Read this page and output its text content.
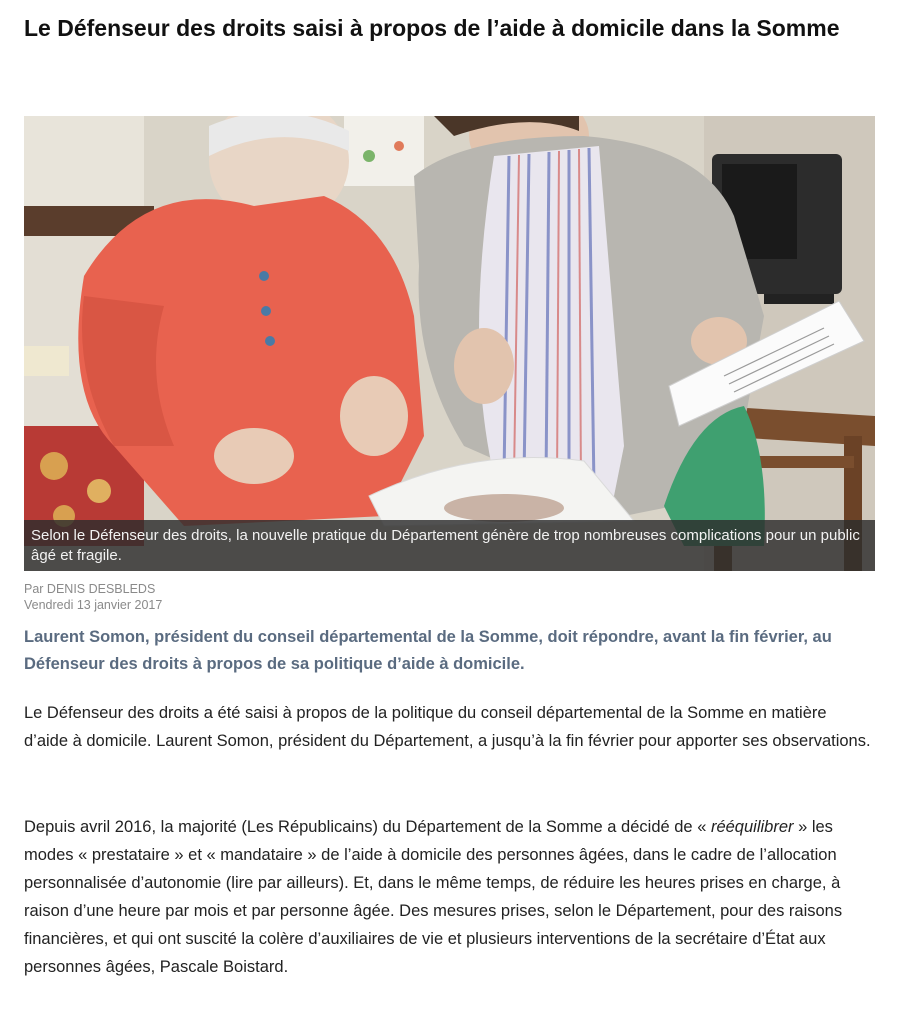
Le Défenseur des droits saisi à propos de l’aide à domicile dans la Somme
Selon le Défenseur des droits, la nouvelle pratique du Département génère de trop nombreuses complications pour un public âgé et fragile.
Par DENIS DESBLEDS
Vendredi 13 janvier 2017

Laurent Somon, président du conseil départemental de la Somme, doit répondre, avant la fin février, au Défenseur des droits à propos de sa politique d’aide à domicile.

Le Défenseur des droits a été saisi à propos de la politique du conseil départemental de la Somme en matière d’aide à domicile. Laurent Somon, président du Département, a jusqu’à la fin février pour apporter ses observations.

Depuis avril 2016, la majorité (Les Républicains) du Département de la Somme a décidé de « rééquilibrer » les modes « prestataire » et « mandataire » de l’aide à domicile des personnes âgées, dans le cadre de l’allocation personnalisée d’autonomie (lire par ailleurs). Et, dans le même temps, de réduire les heures prises en charge, à raison d’une heure par mois et par personne âgée. Des mesures prises, selon le Département, pour des raisons financières, et qui ont suscité la colère d’auxiliaires de vie et plusieurs interventions de la secrétaire d’État aux personnes âgées, Pascale Boistard.
